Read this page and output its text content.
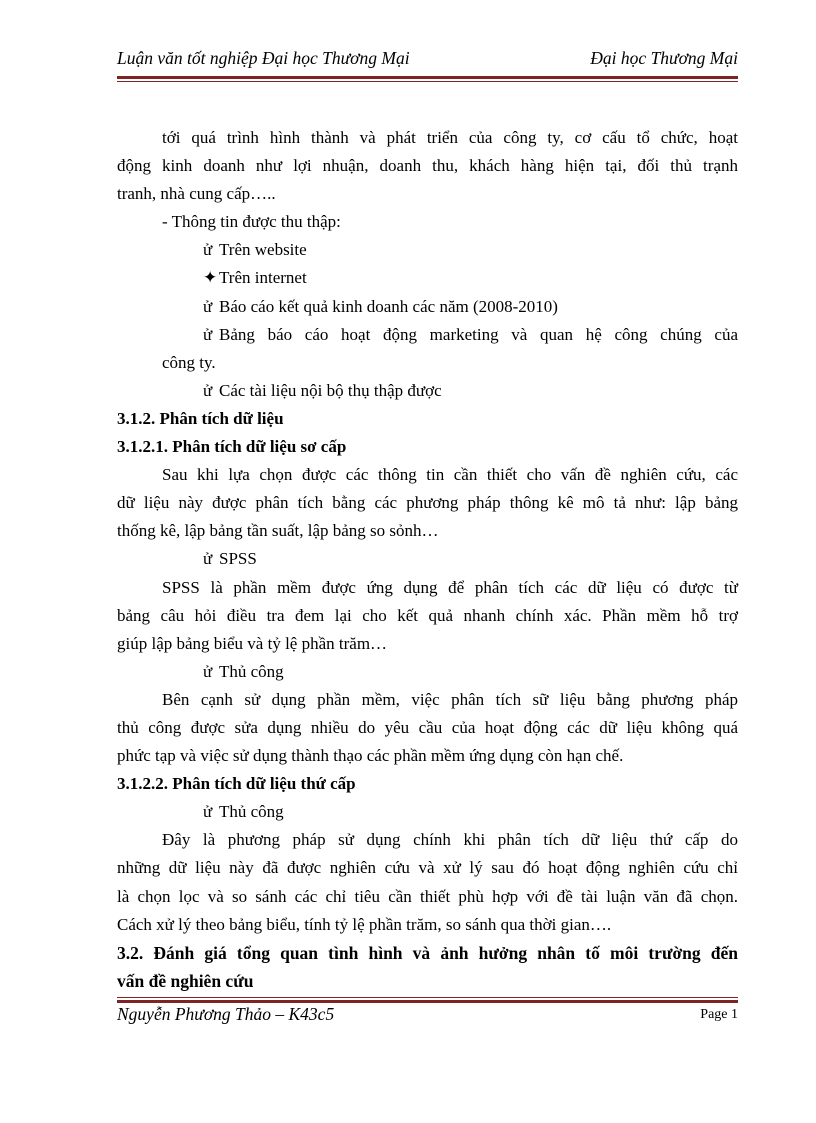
Luận văn tốt nghiệp Đại học Thương Mại	Đại học Thương Mại

tới quá trình hình thành và phát triển của công ty, cơ cấu tổ chức, hoạt

động kinh doanh như lợi nhuận, doanh thu, khách hàng hiện tại, đối thủ trạnh

tranh, nhà cung cấp…..

- Thông tin được thu thập:

ử Trên website

✦ Trên internet

ử Báo cáo kết quả kinh doanh các năm (2008-2010)

ử Bảng báo cáo hoạt động marketing và quan hệ công chúng của

công ty.

ử Các tài liệu nội bộ thụ thập được

3.1.2. Phân tích dữ liệu

3.1.2.1. Phân tích dữ liệu sơ cấp

Sau khi lựa chọn được các thông tin cần thiết cho vấn đề nghiên cứu, các

dữ liệu này được phân tích bằng các phương pháp thông kê mô tả như: lập bảng

thống kê, lập bảng tần suất, lập bảng so sỏnh…

ử SPSS

SPSS là phần mềm được ứng dụng để phân tích các dữ liệu có được từ

bảng câu hỏi điều tra đem lại cho kết quả nhanh chính xác. Phần mềm hỗ trợ

giúp lập bảng biểu và tỷ lệ phần trăm…

ử Thủ công

Bên cạnh sử dụng phần mềm, việc phân tích sữ liệu bằng phương pháp

thủ công được sửa dụng nhiều do yêu cầu của hoạt động các dữ liệu không quá

phức tạp và việc sử dụng thành thạo các phần mềm ứng dụng còn hạn chế.

3.1.2.2. Phân tích dữ liệu thứ cấp

ử Thủ công

Đây là phương pháp sử dụng chính khi phân tích dữ liệu thứ cấp do

những dữ liệu này đã được nghiên cứu và xử lý sau đó hoạt động nghiên cứu chỉ

là chọn lọc và so sánh các chỉ tiêu cần thiết phù hợp với đề tài luận văn đã chọn.

Cách xử lý theo bảng biểu, tính tỷ lệ phần trăm, so sánh qua thời gian….

3.2. Đánh giá tổng quan tình hình và ảnh hưởng nhân tố môi trường đến

vấn đề nghiên cứu

Nguyễn Phương Thảo – K43c5	Page 1
